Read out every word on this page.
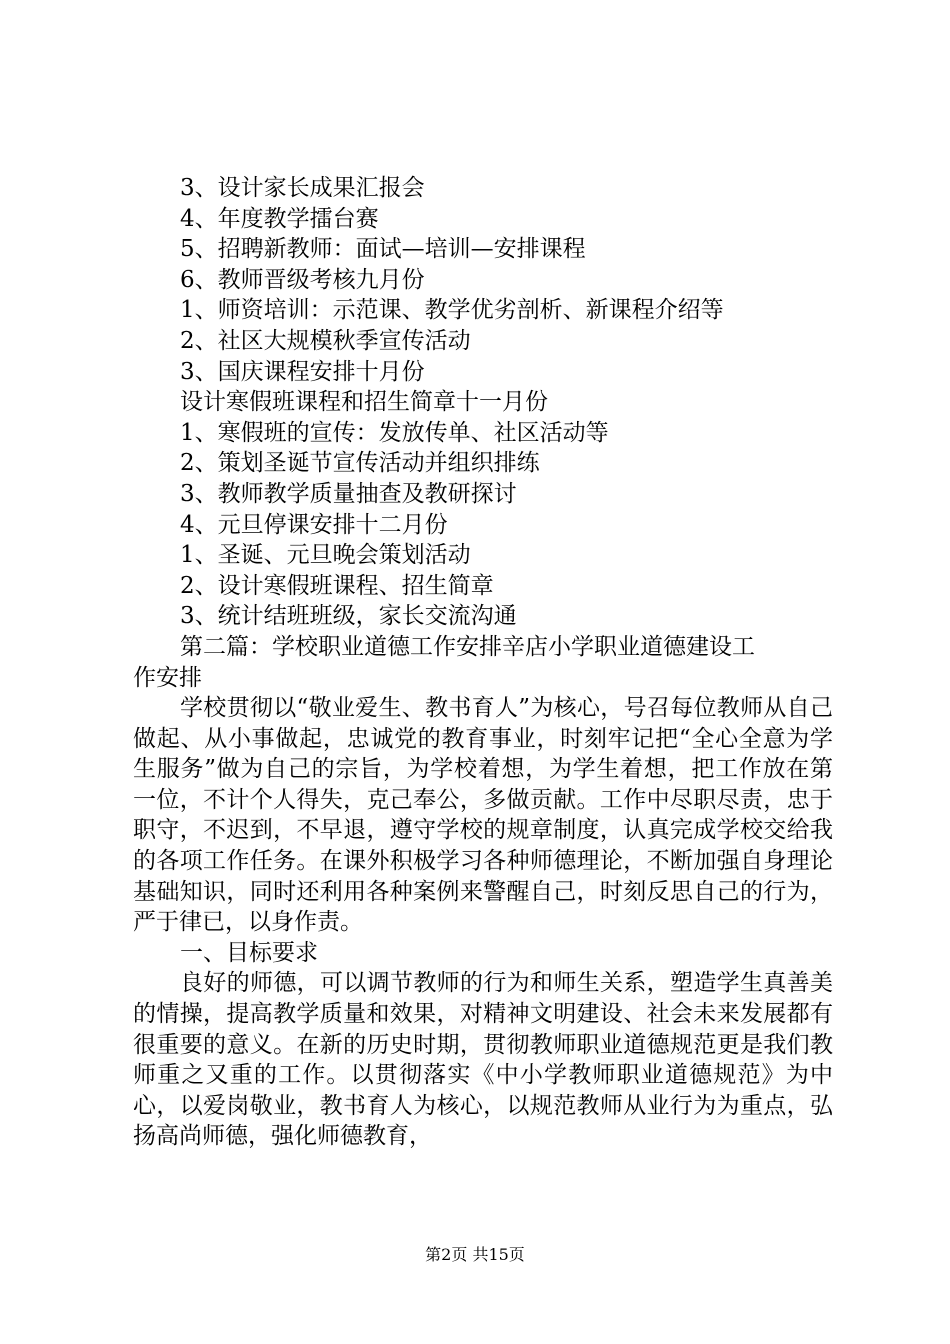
3、设计家长成果汇报会
4、年度教学擂台赛
5、招聘新教师：面试—培训—安排课程
6、教师晋级考核九月份
1、师资培训：示范课、教学优劣剖析、新课程介绍等
2、社区大规模秋季宣传活动
3、国庆课程安排十月份
设计寒假班课程和招生简章十一月份
1、寒假班的宣传：发放传单、社区活动等
2、策划圣诞节宣传活动并组织排练
3、教师教学质量抽查及教研探讨
4、元旦停课安排十二月份
1、圣诞、元旦晚会策划活动
2、设计寒假班课程、招生简章
3、统计结班班级，家长交流沟通
第二篇：学校职业道德工作安排辛店小学职业道德建设工
作安排
学校贯彻以“敬业爱生、教书育人”为核心，号召每位教师从自己做起、从小事做起，忠诚党的教育事业，时刻牢记把“全心全意为学生服务”做为自己的宗旨，为学校着想，为学生着想，把工作放在第一位，不计个人得失，克己奉公，多做贡献。工作中尽职尽责，忠于职守，不迟到，不早退，遵守学校的规章制度，认真完成学校交给我的各项工作任务。在课外积极学习各种师德理论，不断加强自身理论基础知识，同时还利用各种案例来警醒自己，时刻反思自己的行为，严于律已，以身作责。
一、目标要求
良好的师德，可以调节教师的行为和师生关系，塑造学生真善美的情操，提高教学质量和效果，对精神文明建设、社会未来发展都有很重要的意义。在新的历史时期，贯彻教师职业道德规范更是我们教师重之又重的工作。以贯彻落实《中小学教师职业道德规范》为中心，以爱岗敬业，教书育人为核心，以规范教师从业行为为重点，弘扬高尚师德，强化师德教育，
第2页 共15页
